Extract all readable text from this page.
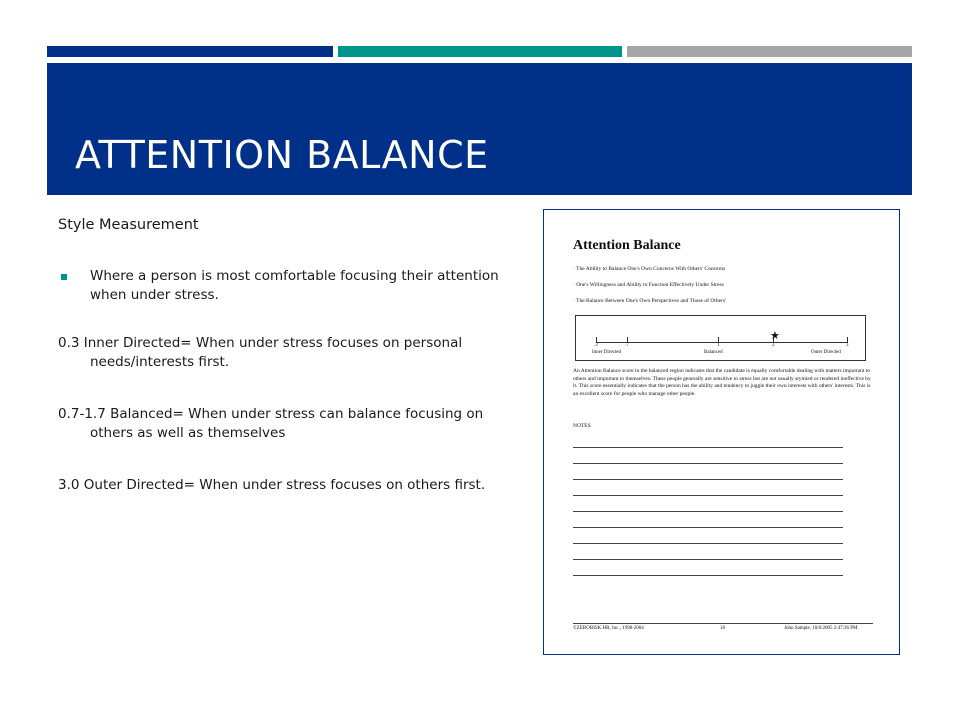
ATTENTION BALANCE
Style Measurement
Where a person is most comfortable focusing their attention when under stress.
0.3 Inner Directed= When under stress focuses on personal needs/interests first.
0.7-1.7 Balanced= When under stress can balance focusing on others as well as themselves
3.0 Outer Directed= When under stress focuses on others first.
Attention Balance
· The Ability to Balance One's Own Concerns With Others' Concerns
· One's Willingness and Ability to Function Effectively Under Stress
· The Balance Between One's Own Perspectives and Those of Others'
.3	.7	1	2	3
Inner Directed	Balanced	Outer Directed
★
An Attention Balance score in the balanced region indicates that the candidate is equally comfortable dealing with matters important to others and important to themselves. These people generally are sensitive to stress but are not usually stymied or rendered ineffective by it. This score essentially indicates that the person has the ability and tendency to juggle their own interests with others' interests. This is an excellent score for people who manage other people.
NOTES
©ZEROBISK HR, Inc., 1998-2004	18	John Sample, 10/6/2005 2:47:36 PM
